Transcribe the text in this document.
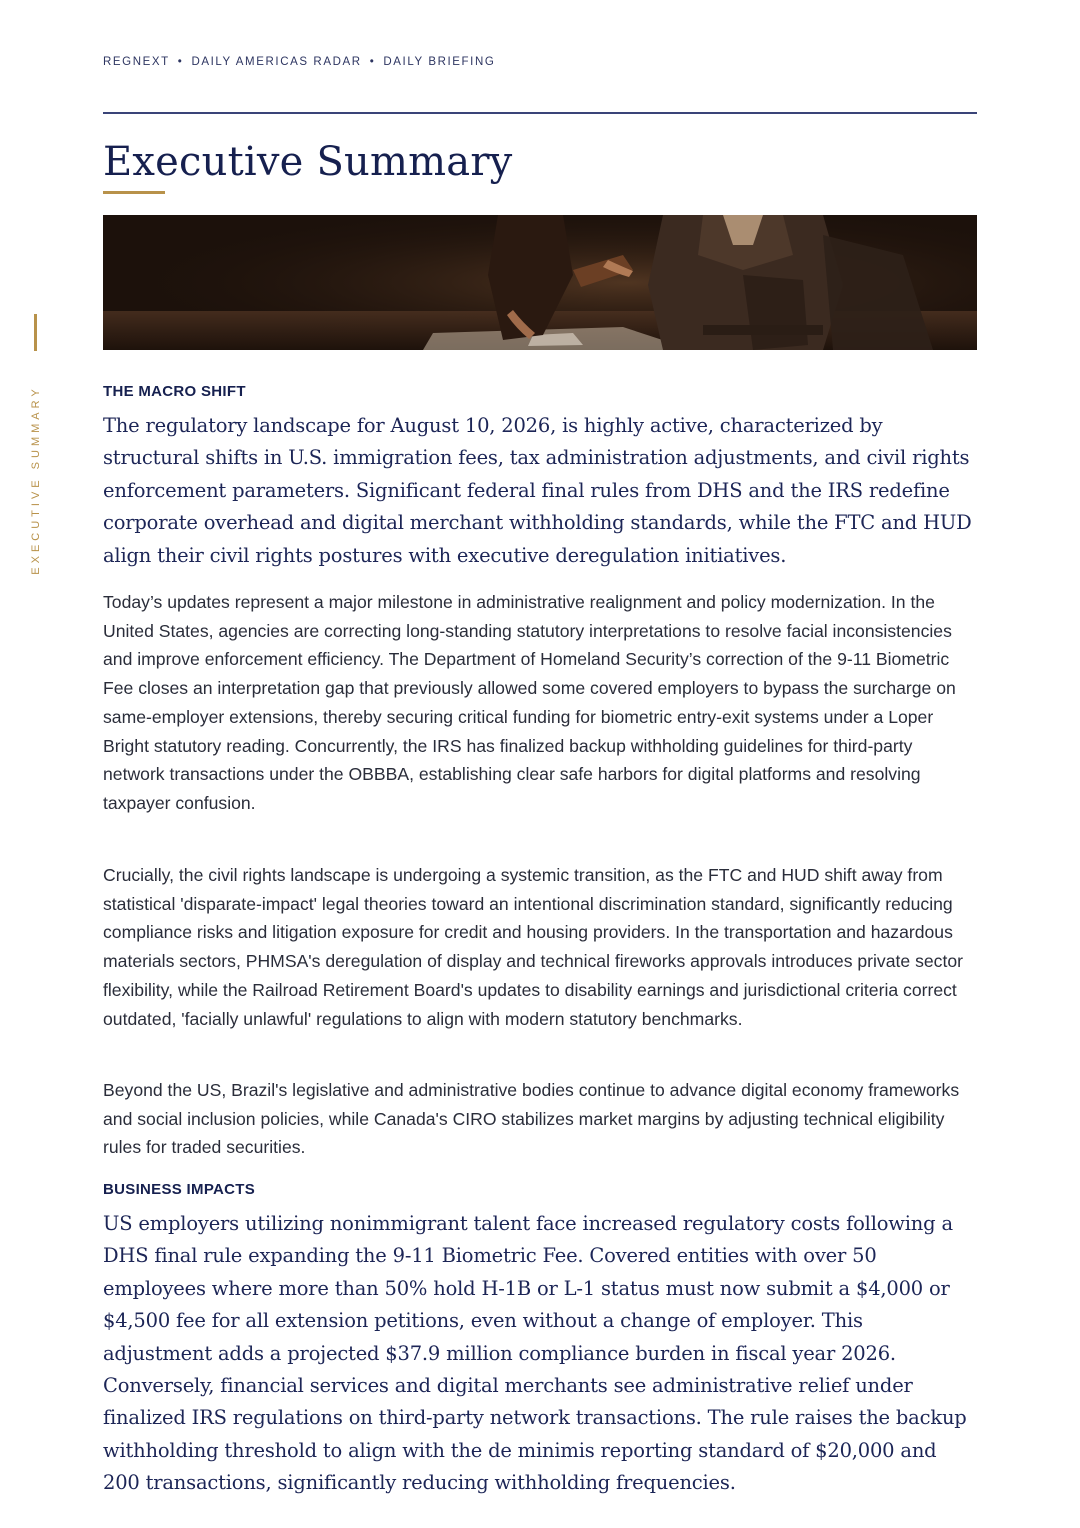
EXECUTIVE SUMMARY
REGNEXT • DAILY AMERICAS RADAR • DAILY BRIEFING
Executive Summary
THE MACRO SHIFT

The regulatory landscape for August 10, 2026, is highly active, characterized by structural shifts in U.S. immigration fees, tax administration adjustments, and civil rights enforcement parameters. Significant federal final rules from DHS and the IRS redefine corporate overhead and digital merchant withholding standards, while the FTC and HUD align their civil rights postures with executive deregulation initiatives.

Today’s updates represent a major milestone in administrative realignment and policy modernization. In the United States, agencies are correcting long-standing statutory interpretations to resolve facial inconsistencies and improve enforcement efficiency. The Department of Homeland Security’s correction of the 9-11 Biometric Fee closes an interpretation gap that previously allowed some covered employers to bypass the surcharge on same-employer extensions, thereby securing critical funding for biometric entry-exit systems under a Loper Bright statutory reading. Concurrently, the IRS has finalized backup withholding guidelines for third-party network transactions under the OBBBA, establishing clear safe harbors for digital platforms and resolving taxpayer confusion.

Crucially, the civil rights landscape is undergoing a systemic transition, as the FTC and HUD shift away from statistical 'disparate-impact' legal theories toward an intentional discrimination standard, significantly reducing compliance risks and litigation exposure for credit and housing providers. In the transportation and hazardous materials sectors, PHMSA's deregulation of display and technical fireworks approvals introduces private sector flexibility, while the Railroad Retirement Board's updates to disability earnings and jurisdictional criteria correct outdated, 'facially unlawful' regulations to align with modern statutory benchmarks.

Beyond the US, Brazil's legislative and administrative bodies continue to advance digital economy frameworks and social inclusion policies, while Canada's CIRO stabilizes market margins by adjusting technical eligibility rules for traded securities.

BUSINESS IMPACTS

US employers utilizing nonimmigrant talent face increased regulatory costs following a DHS final rule expanding the 9-11 Biometric Fee. Covered entities with over 50 employees where more than 50% hold H-1B or L-1 status must now submit a $4,000 or $4,500 fee for all extension petitions, even without a change of employer. This adjustment adds a projected $37.9 million compliance burden in fiscal year 2026. Conversely, financial services and digital merchants see administrative relief under finalized IRS regulations on third-party network transactions. The rule raises the backup withholding threshold to align with the de minimis reporting standard of $20,000 and 200 transactions, significantly reducing withholding frequencies.
